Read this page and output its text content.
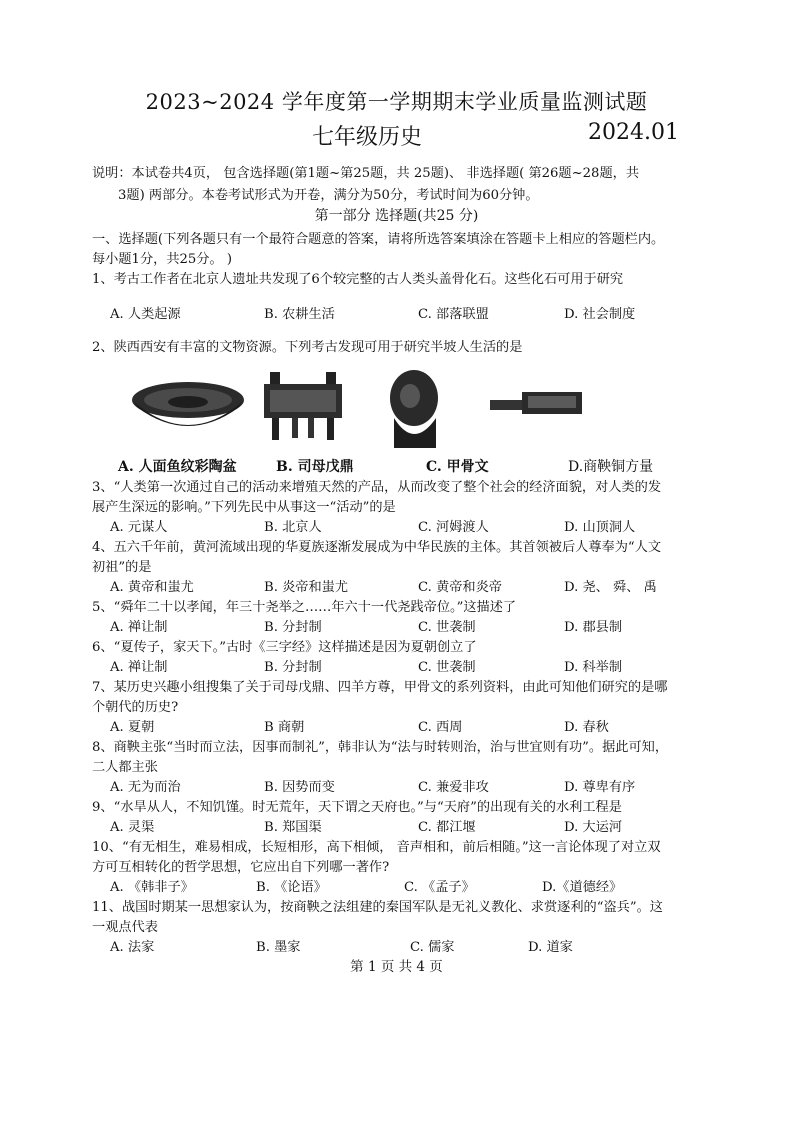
2023~2024 学年度第一学期期末学业质量监测试题
七年级历史	2024.01
说明：本试卷共4页， 包含选择题(第1题~第25题，共 25题)、 非选择题( 第26题~28题，共
3题) 两部分。本卷考试形式为开卷，满分为50分，考试时间为60分钟。
第一部分 选择题(共25 分)
一、选择题(下列各题只有一个最符合题意的答案，请将所选答案填涂在答题卡上相应的答题栏内。
每小题1分，共25分。 )
1、考古工作者在北京人遗址共发现了6个较完整的古人类头盖骨化石。这些化石可用于研究
A. 人类起源	B. 农耕生活	C. 部落联盟	D. 社会制度
2、陕西西安有丰富的文物资源。下列考古发现可用于研究半坡人生活的是
A. 人面鱼纹彩陶盆	B. 司母戊鼎	C. 甲骨文	D.商鞅铜方量
3、“人类第一次通过自己的活动来增殖天然的产品，从而改变了整个社会的经济面貌，对人类的发
展产生深远的影响。”下列先民中从事这一“活动”的是
A. 元谋人	B. 北京人	C. 河姆渡人	D. 山顶洞人
4、五六千年前，黄河流域出现的华夏族逐渐发展成为中华民族的主体。其首领被后人尊奉为“人文
初祖”的是
A. 黄帝和蚩尤	B. 炎帝和蚩尤	C. 黄帝和炎帝	D. 尧、 舜、 禹
5、“舜年二十以孝闻，年三十尧举之……年六十一代尧践帝位。”这描述了
A. 禅让制	B. 分封制	C. 世袭制	D. 郡县制
6、“夏传子，家天下。”古时《三字经》这样描述是因为夏朝创立了
A. 禅让制	B. 分封制	C. 世袭制	D. 科举制
7、某历史兴趣小组搜集了关于司母戊鼎、四羊方尊，甲骨文的系列资料，由此可知他们研究的是哪
个朝代的历史?
A. 夏朝	B 商朝	C. 西周	D. 春秋
8、商鞅主张“当时而立法，因事而制礼”，韩非认为“法与时转则治，治与世宜则有功”。据此可知，
二人都主张
A. 无为而治	B. 因势而变	C. 兼爱非攻	D. 尊卑有序
9、“水旱从人，不知饥馑。时无荒年，天下谓之天府也。”与“天府”的出现有关的水利工程是
A. 灵渠	B. 郑国渠	C. 都江堰	D. 大运河
10、“有无相生，难易相成，长短相形，高下相倾， 音声相和，前后相随。”这一言论体现了对立双
方可互相转化的哲学思想，它应出自下列哪一著作?
A. 《韩非子》	B. 《论语》	C. 《孟子》	D.《道德经》
11、战国时期某一思想家认为，按商鞅之法组建的秦国军队是无礼义教化、求赏逐利的“盗兵”。这
一观点代表
A. 法家	B. 墨家	C. 儒家	D. 道家
第 1 页 共 4 页
